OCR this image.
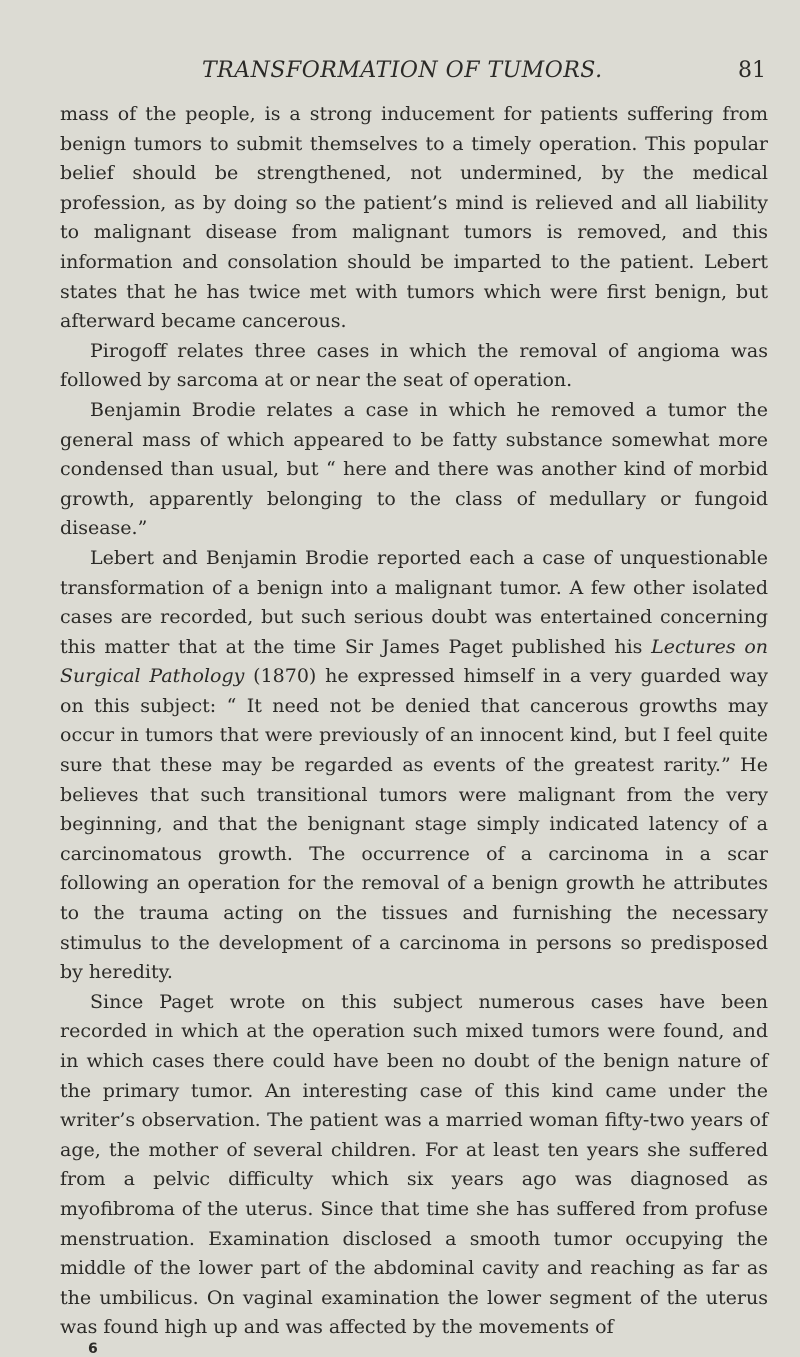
TRANSFORMATION OF TUMORS.	81

mass of the people, is a strong inducement for patients suffering from benign tumors to submit themselves to a timely operation. This popular belief should be strengthened, not undermined, by the medical profession, as by doing so the patient’s mind is relieved and all liability to malignant disease from malignant tumors is removed, and this information and consolation should be imparted to the patient. Lebert states that he has twice met with tumors which were first benign, but afterward became cancerous.

Pirogoff relates three cases in which the removal of angioma was followed by sarcoma at or near the seat of operation.

Benjamin Brodie relates a case in which he removed a tumor the general mass of which appeared to be fatty substance somewhat more condensed than usual, but “ here and there was another kind of morbid growth, apparently belonging to the class of medullary or fungoid disease.”

Lebert and Benjamin Brodie reported each a case of unquestionable transformation of a benign into a malignant tumor. A few other isolated cases are recorded, but such serious doubt was entertained concerning this matter that at the time Sir James Paget published his Lectures on Surgical Pathology (1870) he expressed himself in a very guarded way on this subject: “ It need not be denied that cancerous growths may occur in tumors that were previously of an innocent kind, but I feel quite sure that these may be regarded as events of the greatest rarity.” He believes that such transitional tumors were malignant from the very beginning, and that the benignant stage simply indicated latency of a carcinomatous growth. The occurrence of a carcinoma in a scar following an operation for the removal of a benign growth he attributes to the trauma acting on the tissues and furnishing the necessary stimulus to the development of a carcinoma in persons so predisposed by heredity.

Since Paget wrote on this subject numerous cases have been recorded in which at the operation such mixed tumors were found, and in which cases there could have been no doubt of the benign nature of the primary tumor. An interesting case of this kind came under the writer’s observation. The patient was a married woman fifty-two years of age, the mother of several children. For at least ten years she suffered from a pelvic difficulty which six years ago was diagnosed as myofibroma of the uterus. Since that time she has suffered from profuse menstruation. Examination disclosed a smooth tumor occupying the middle of the lower part of the abdominal cavity and reaching as far as the umbilicus. On vaginal examination the lower segment of the uterus was found high up and was affected by the movements of

6
